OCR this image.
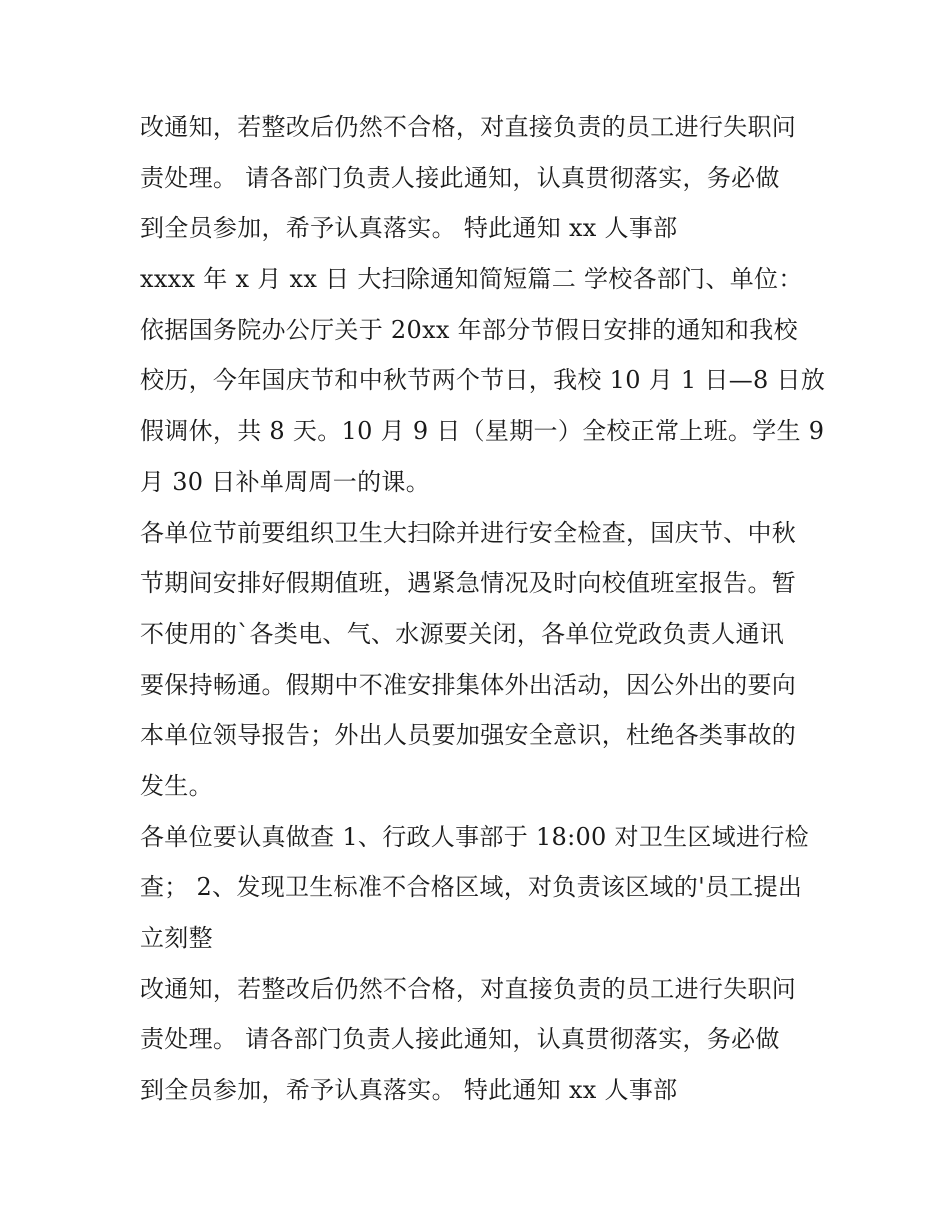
改通知，若整改后仍然不合格，对直接负责的员工进行失职问
责处理。 请各部门负责人接此通知，认真贯彻落实，务必做
到全员参加，希予认真落实。 特此通知 xx 人事部
xxxx 年 x 月 xx 日 大扫除通知简短篇二 学校各部门、单位：
依据国务院办公厅关于 20xx 年部分节假日安排的通知和我校
校历，今年国庆节和中秋节两个节日，我校 10 月 1 日—8 日放
假调休，共 8 天。10 月 9 日（星期一）全校正常上班。学生 9
月 30 日补单周周一的课。
各单位节前要组织卫生大扫除并进行安全检查，国庆节、中秋
节期间安排好假期值班，遇紧急情况及时向校值班室报告。暂
不使用的`各类电、气、水源要关闭，各单位党政负责人通讯
要保持畅通。假期中不准安排集体外出活动，因公外出的要向
本单位领导报告；外出人员要加强安全意识，杜绝各类事故的
发生。
各单位要认真做查 1、行政人事部于 18:00 对卫生区域进行检
查； 2、发现卫生标准不合格区域，对负责该区域的'员工提出
立刻整
改通知，若整改后仍然不合格，对直接负责的员工进行失职问
责处理。 请各部门负责人接此通知，认真贯彻落实，务必做
到全员参加，希予认真落实。 特此通知 xx 人事部
